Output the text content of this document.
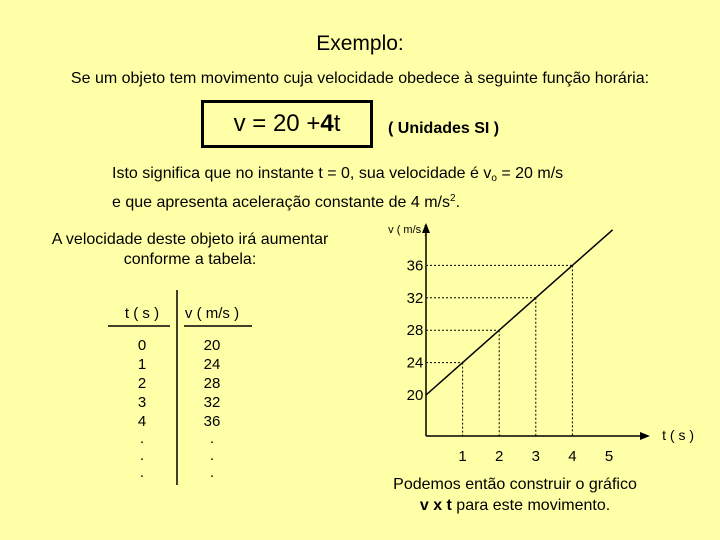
Exemplo:
Se um objeto tem movimento cuja velocidade obedece à seguinte função horária:
v = 20 + 4 t	( Unidades SI )
Isto significa que no instante t = 0, sua velocidade é $v_o = 20$ m/s
e que apresenta aceleração constante de 4 $m/s^2$.
A velocidade deste objeto irá aumentar conforme a tabela:
t ( s ) v ( m/s )
0	20
1	24
2	28
3	32
4	36
.	.
.	.
.	.
v ( m/s )
t ( s )
20
24
28
32
36
1 2 3 4 5
Podemos então construir o gráfico
v x t para este movimento.
